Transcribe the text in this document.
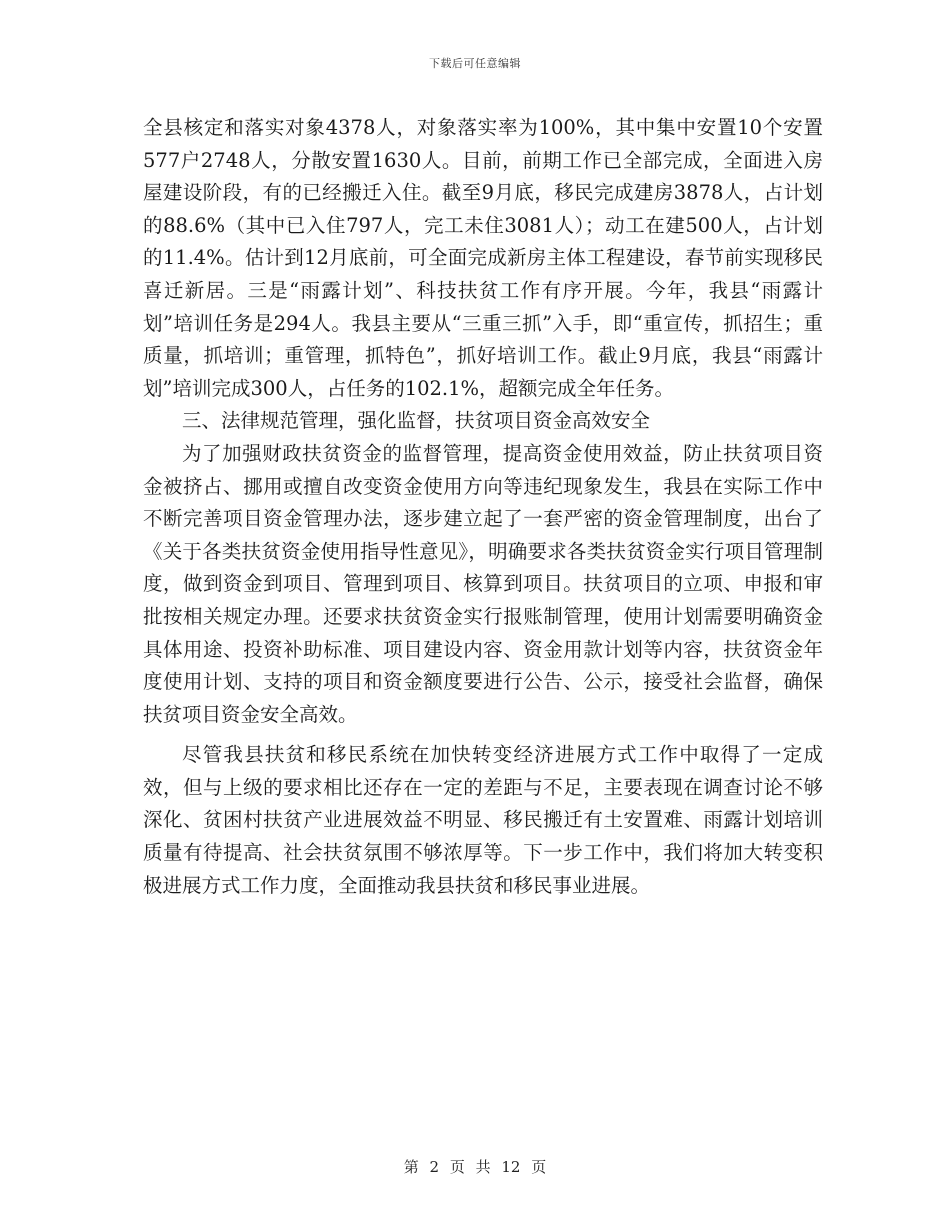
下载后可任意编辑

全县核定和落实对象4378人，对象落实率为100%，其中集中安置10个安置577户2748人，分散安置1630人。目前，前期工作已全部完成，全面进入房屋建设阶段，有的已经搬迁入住。截至9月底，移民完成建房3878人，占计划的88.6%（其中已入住797人，完工未住3081人）；动工在建500人，占计划的11.4%。估计到12月底前，可全面完成新房主体工程建设，春节前实现移民喜迁新居。三是“雨露计划”、科技扶贫工作有序开展。今年，我县“雨露计划”培训任务是294人。我县主要从“三重三抓”入手，即“重宣传，抓招生；重质量，抓培训；重管理，抓特色”，抓好培训工作。截止9月底，我县“雨露计划”培训完成300人，占任务的102.1%，超额完成全年任务。

三、法律规范管理，强化监督，扶贫项目资金高效安全

为了加强财政扶贫资金的监督管理，提高资金使用效益，防止扶贫项目资金被挤占、挪用或擅自改变资金使用方向等违纪现象发生，我县在实际工作中不断完善项目资金管理办法，逐步建立起了一套严密的资金管理制度，出台了《关于各类扶贫资金使用指导性意见》，明确要求各类扶贫资金实行项目管理制度，做到资金到项目、管理到项目、核算到项目。扶贫项目的立项、申报和审批按相关规定办理。还要求扶贫资金实行报账制管理，使用计划需要明确资金具体用途、投资补助标准、项目建设内容、资金用款计划等内容，扶贫资金年度使用计划、支持的项目和资金额度要进行公告、公示，接受社会监督，确保扶贫项目资金安全高效。

尽管我县扶贫和移民系统在加快转变经济进展方式工作中取得了一定成效，但与上级的要求相比还存在一定的差距与不足，主要表现在调查讨论不够深化、贫困村扶贫产业进展效益不明显、移民搬迁有土安置难、雨露计划培训质量有待提高、社会扶贫氛围不够浓厚等。下一步工作中，我们将加大转变积极进展方式工作力度，全面推动我县扶贫和移民事业进展。

第 2 页 共 12 页
